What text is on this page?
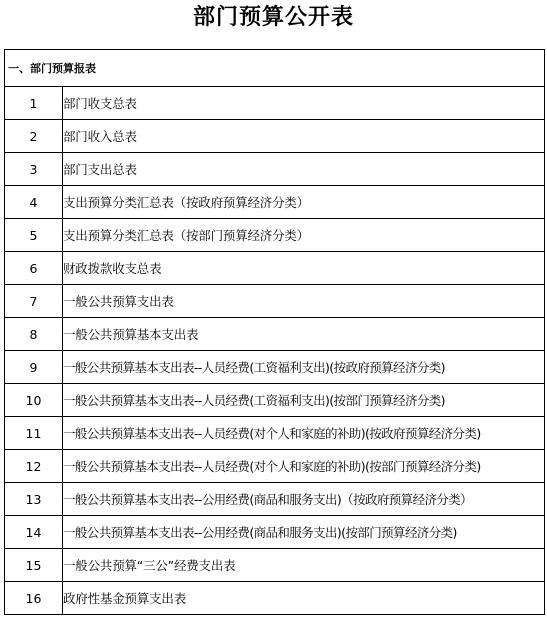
部门预算公开表
一、部门预算报表	
1	部门收支总表
2	部门收入总表
3	部门支出总表
4	支出预算分类汇总表（按政府预算经济分类）
5	支出预算分类汇总表（按部门预算经济分类）
6	财政拨款收支总表
7	一般公共预算支出表
8	一般公共预算基本支出表
9	一般公共预算基本支出表--人员经费(工资福利支出)(按政府预算经济分类)
10	一般公共预算基本支出表--人员经费(工资福利支出)(按部门预算经济分类)
11	一般公共预算基本支出表--人员经费(对个人和家庭的补助)(按政府预算经济分类)
12	一般公共预算基本支出表--人员经费(对个人和家庭的补助)(按部门预算经济分类)
13	一般公共预算基本支出表--公用经费(商品和服务支出)（按政府预算经济分类）
14	一般公共预算基本支出表--公用经费(商品和服务支出)(按部门预算经济分类)
15	一般公共预算“三公”经费支出表
16	政府性基金预算支出表
